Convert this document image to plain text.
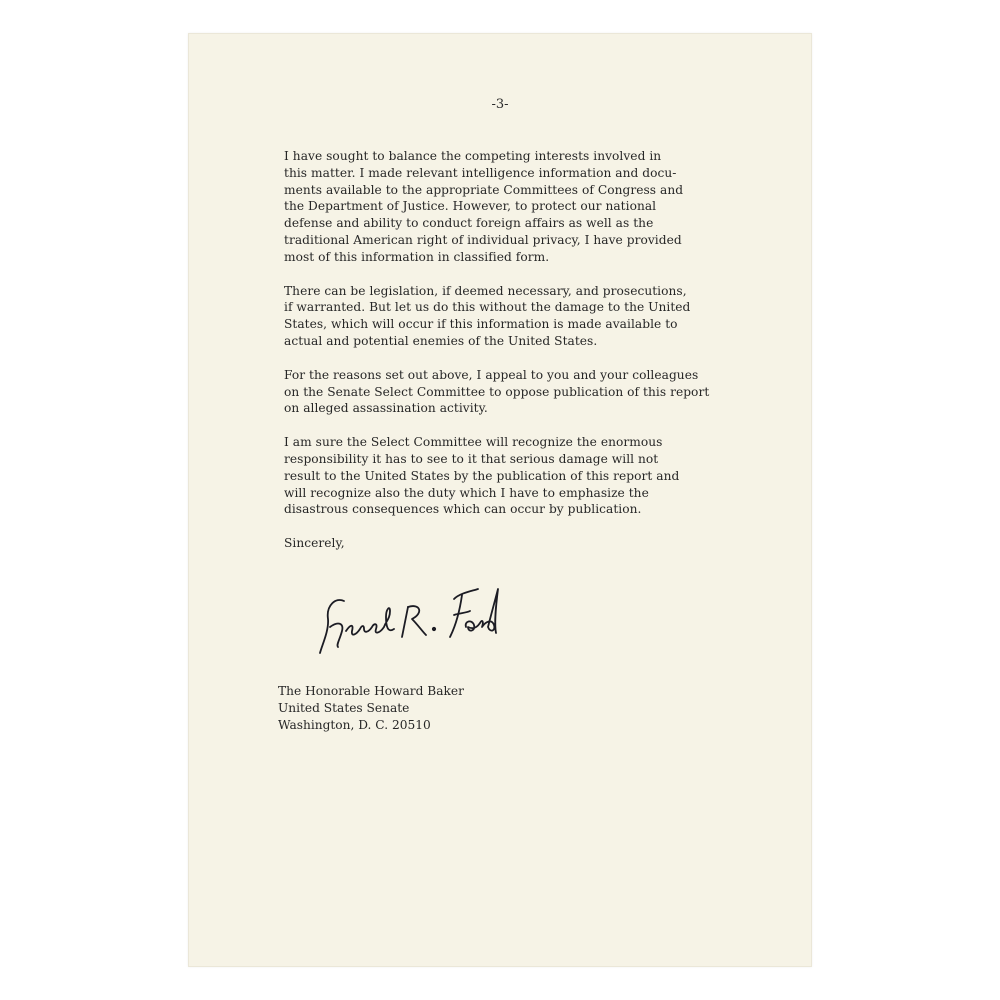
-3-
I have sought to balance the competing interests involved in
this matter. I made relevant intelligence information and docu-
ments available to the appropriate Committees of Congress and
the Department of Justice. However, to protect our national
defense and ability to conduct foreign affairs as well as the
traditional American right of individual privacy, I have provided
most of this information in classified form.
There can be legislation, if deemed necessary, and prosecutions,
if warranted. But let us do this without the damage to the United
States, which will occur if this information is made available to
actual and potential enemies of the United States.
For the reasons set out above, I appeal to you and your colleagues
on the Senate Select Committee to oppose publication of this report
on alleged assassination activity.
I am sure the Select Committee will recognize the enormous
responsibility it has to see to it that serious damage will not
result to the United States by the publication of this report and
will recognize also the duty which I have to emphasize the
disastrous consequences which can occur by publication.

Sincerely,

The Honorable Howard Baker
United States Senate
Washington, D. C. 20510
